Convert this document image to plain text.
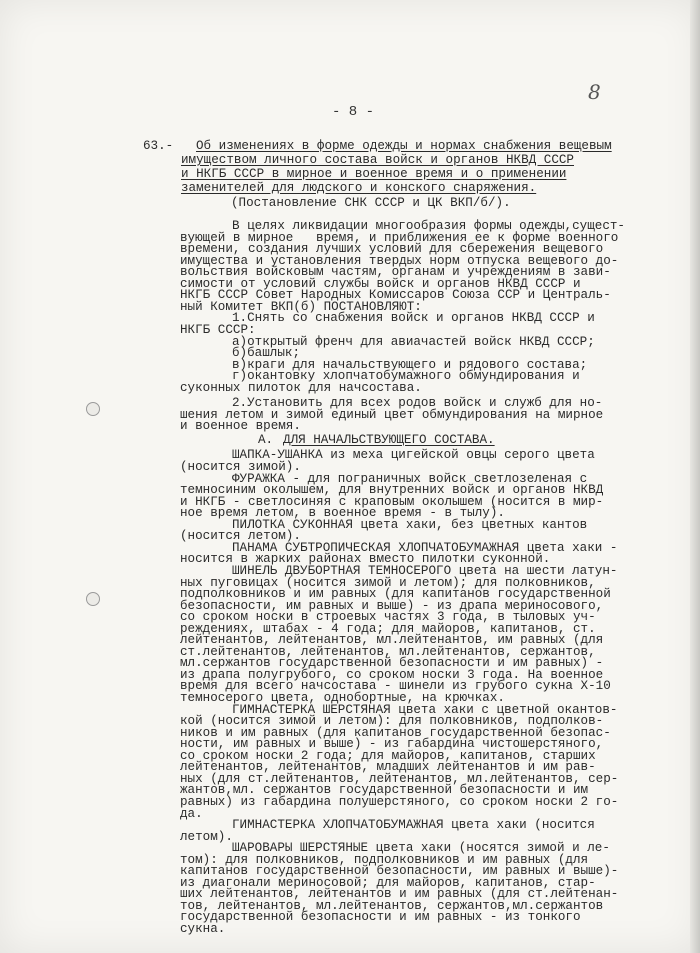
8
- 8 -
63.- Об изменениях в форме одежды и нормах снабжения вещевым
имуществом личного состава войск и органов НКВД СССР
и НКГБ СССР в мирное и военное время и о применении
заменителей для людского и конского снаряжения.
(Постановление СНК СССР и ЦК ВКП/б/).
В целях ликвидации многообразия формы одежды,сущест-
вующей в мирное   время, и приближения ее к форме военного
времени, создания лучших условий для сбережения вещевого
имущества и установления твердых норм отпуска вещевого до-
вольствия войсковым частям, органам и учреждениям в зави-
симости от условий службы войск и органов НКВД СССР и
НКГБ СССР Совет Народных Комиссаров Союза ССР и Централь-
ный Комитет ВКП(б) ПОСТАНОВЛЯЮТ:
1.Снять со снабжения войск и органов НКВД СССР и
НКГБ СССР:
а)открытый френч для авиачастей войск НКВД СССР;
б)башлык;
в)краги для начальствующего и рядового состава;
г)окантовку хлопчатобумажного обмундирования и
суконных пилоток для начсостава.
2.Установить для всех родов войск и служб для но-
шения летом и зимой единый цвет обмундирования на мирное
и военное время.
А. ДЛЯ НАЧАЛЬСТВУЮЩЕГО СОСТАВА.
ШАПКА-УШАНКА из меха цигейской овцы серого цвета
(носится зимой).
ФУРАЖКА - для пограничных войск светлозеленая с
темносиним околышем, для внутренних войск и органов НКВД
и НКГБ - светлосиняя с краповым околышем (носится в мир-
ное время летом, в военное время - в тылу).
ПИЛОТКА СУКОННАЯ цвета хаки, без цветных кантов
(носится летом).
ПАНАМА СУБТРОПИЧЕСКАЯ ХЛОПЧАТОБУМАЖНАЯ цвета хаки -
носится в жарких районах вместо пилотки суконной.
ШИНЕЛЬ ДВУБОРТНАЯ ТЕМНОСЕРОГО цвета на шести латун-
ных пуговицах (носится зимой и летом); для полковников,
подполковников и им равных (для капитанов государственной
безопасности, им равных и выше) - из драпа мериносового,
со сроком носки в строевых частях 3 года, в тыловых уч-
реждениях, штабах - 4 года; для майоров, капитанов, ст.
лейтенантов, лейтенантов, мл.лейтенантов, им равных (для
ст.лейтенантов, лейтенантов, мл.лейтенантов, сержантов,
мл.сержантов государственной безопасности и им равных) -
из драпа полугрубого, со сроком носки 3 года. На военное
время для всего начсостава - шинели из грубого сукна Х-10
темносерого цвета, однобортные, на крючках.
ГИМНАСТЕРКА ШЕРСТЯНАЯ цвета хаки с цветной окантов-
кой (носится зимой и летом): для полковников, подполков-
ников и им равных (для капитанов государственной безопас-
ности, им равных и выше) - из габардина чистошерстяного,
со сроком носки 2 года; для майоров, капитанов, старших
лейтенантов, лейтенантов, младших лейтенантов и им рав-
ных (для ст.лейтенантов, лейтенантов, мл.лейтенантов, сер-
жантов,мл. сержантов государственной безопасности и им
равных) из габардина полушерстяного, со сроком носки 2 го-
да.
ГИМНАСТЕРКА ХЛОПЧАТОБУМАЖНАЯ цвета хаки (носится
летом).
ШАРОВАРЫ ШЕРСТЯНЫЕ цвета хаки (носятся зимой и ле-
том): для полковников, подполковников и им равных (для
капитанов государственной безопасности, им равных и выше)-
из диагонали мериносовой; для майоров, капитанов, стар-
ших лейтенантов, лейтенантов и им равных (для ст.лейтенан-
тов, лейтенантов, мл.лейтенантов, сержантов,мл.сержантов
государственной безопасности и им равных - из тонкого
сукна.
